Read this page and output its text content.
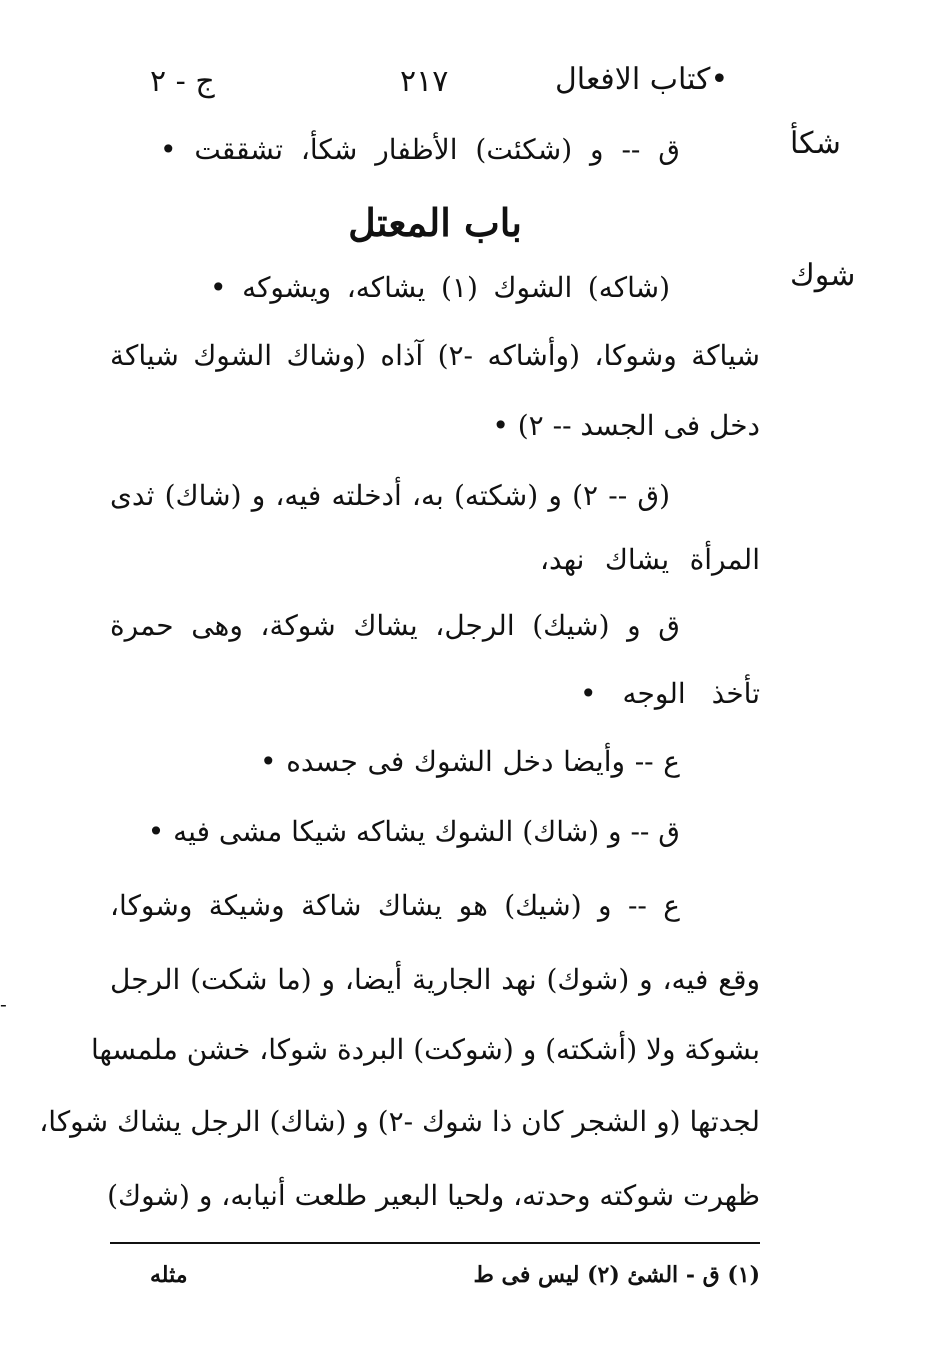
•كتاب الافعال
٢١٧
ج - ٢
شكأ
شوك
ق -- و (شكئت) الأظفار شكأ، تشققت •
باب المعتل
(شاكه) الشوك (١) يشاكه، ويشوكه •
شياكة وشوكا، (وأشاكه -٢) آذاه (وشاك الشوك شياكة
دخل فى الجسد -- ٢) •
(ق -- ٢) و (شكته) به، أدخلته فيه، و (شاك) ثدى
المرأة يشاك نهد،
ق و (شيك) الرجل، يشاك شوكة، وهى حمرة
تأخذ الوجه •
ع -- وأيضا دخل الشوك فى جسده •
ق -- و (شاك) الشوك يشاكه شيكا مشى فيه •
ع -- و (شيك) هو يشاك شاكة وشيكة وشوكا،
وقع فيه، و (شوك) نهد الجارية أيضا، و (ما شكت) الرجل
بشوكة ولا (أشكته) و (شوكت) البردة شوكا، خشن ملمسها
لجدتها (و الشجر كان ذا شوك -٢) و (شاك) الرجل يشاك شوكا،
ظهرت شوكته وحدته، ولحيا البعير طلعت أنيابه، و (شوك)
(١) ق - الشئ (٢) ليس فى ط
مثله
-
